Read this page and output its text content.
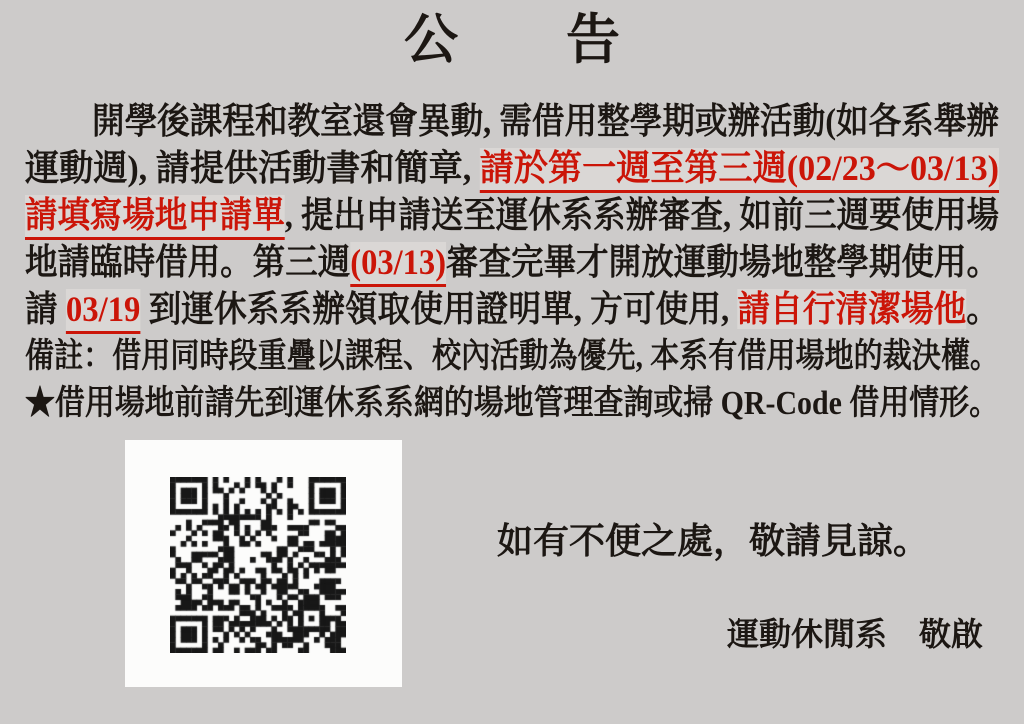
公　　告
開學後課程和教室還會異動, 需借用整學期或辦活動(如各系舉辦
運動週), 請提供活動書和簡章, 請於第一週至第三週(02/23～03/13)
請填寫場地申請單, 提出申請送至運休系系辦審查, 如前三週要使用場
地請臨時借用。第三週(03/13)審查完畢才開放運動場地整學期使用。
請 03/19 到運休系系辦領取使用證明單, 方可使用, 請自行清潔場他。
備註：借用同時段重疊以課程、校內活動為優先, 本系有借用場地的裁決權。
★借用場地前請先到運休系系網的場地管理查詢或掃 QR-Code 借用情形。
如有不便之處，敬請見諒。
運動休閒系　敬啟
